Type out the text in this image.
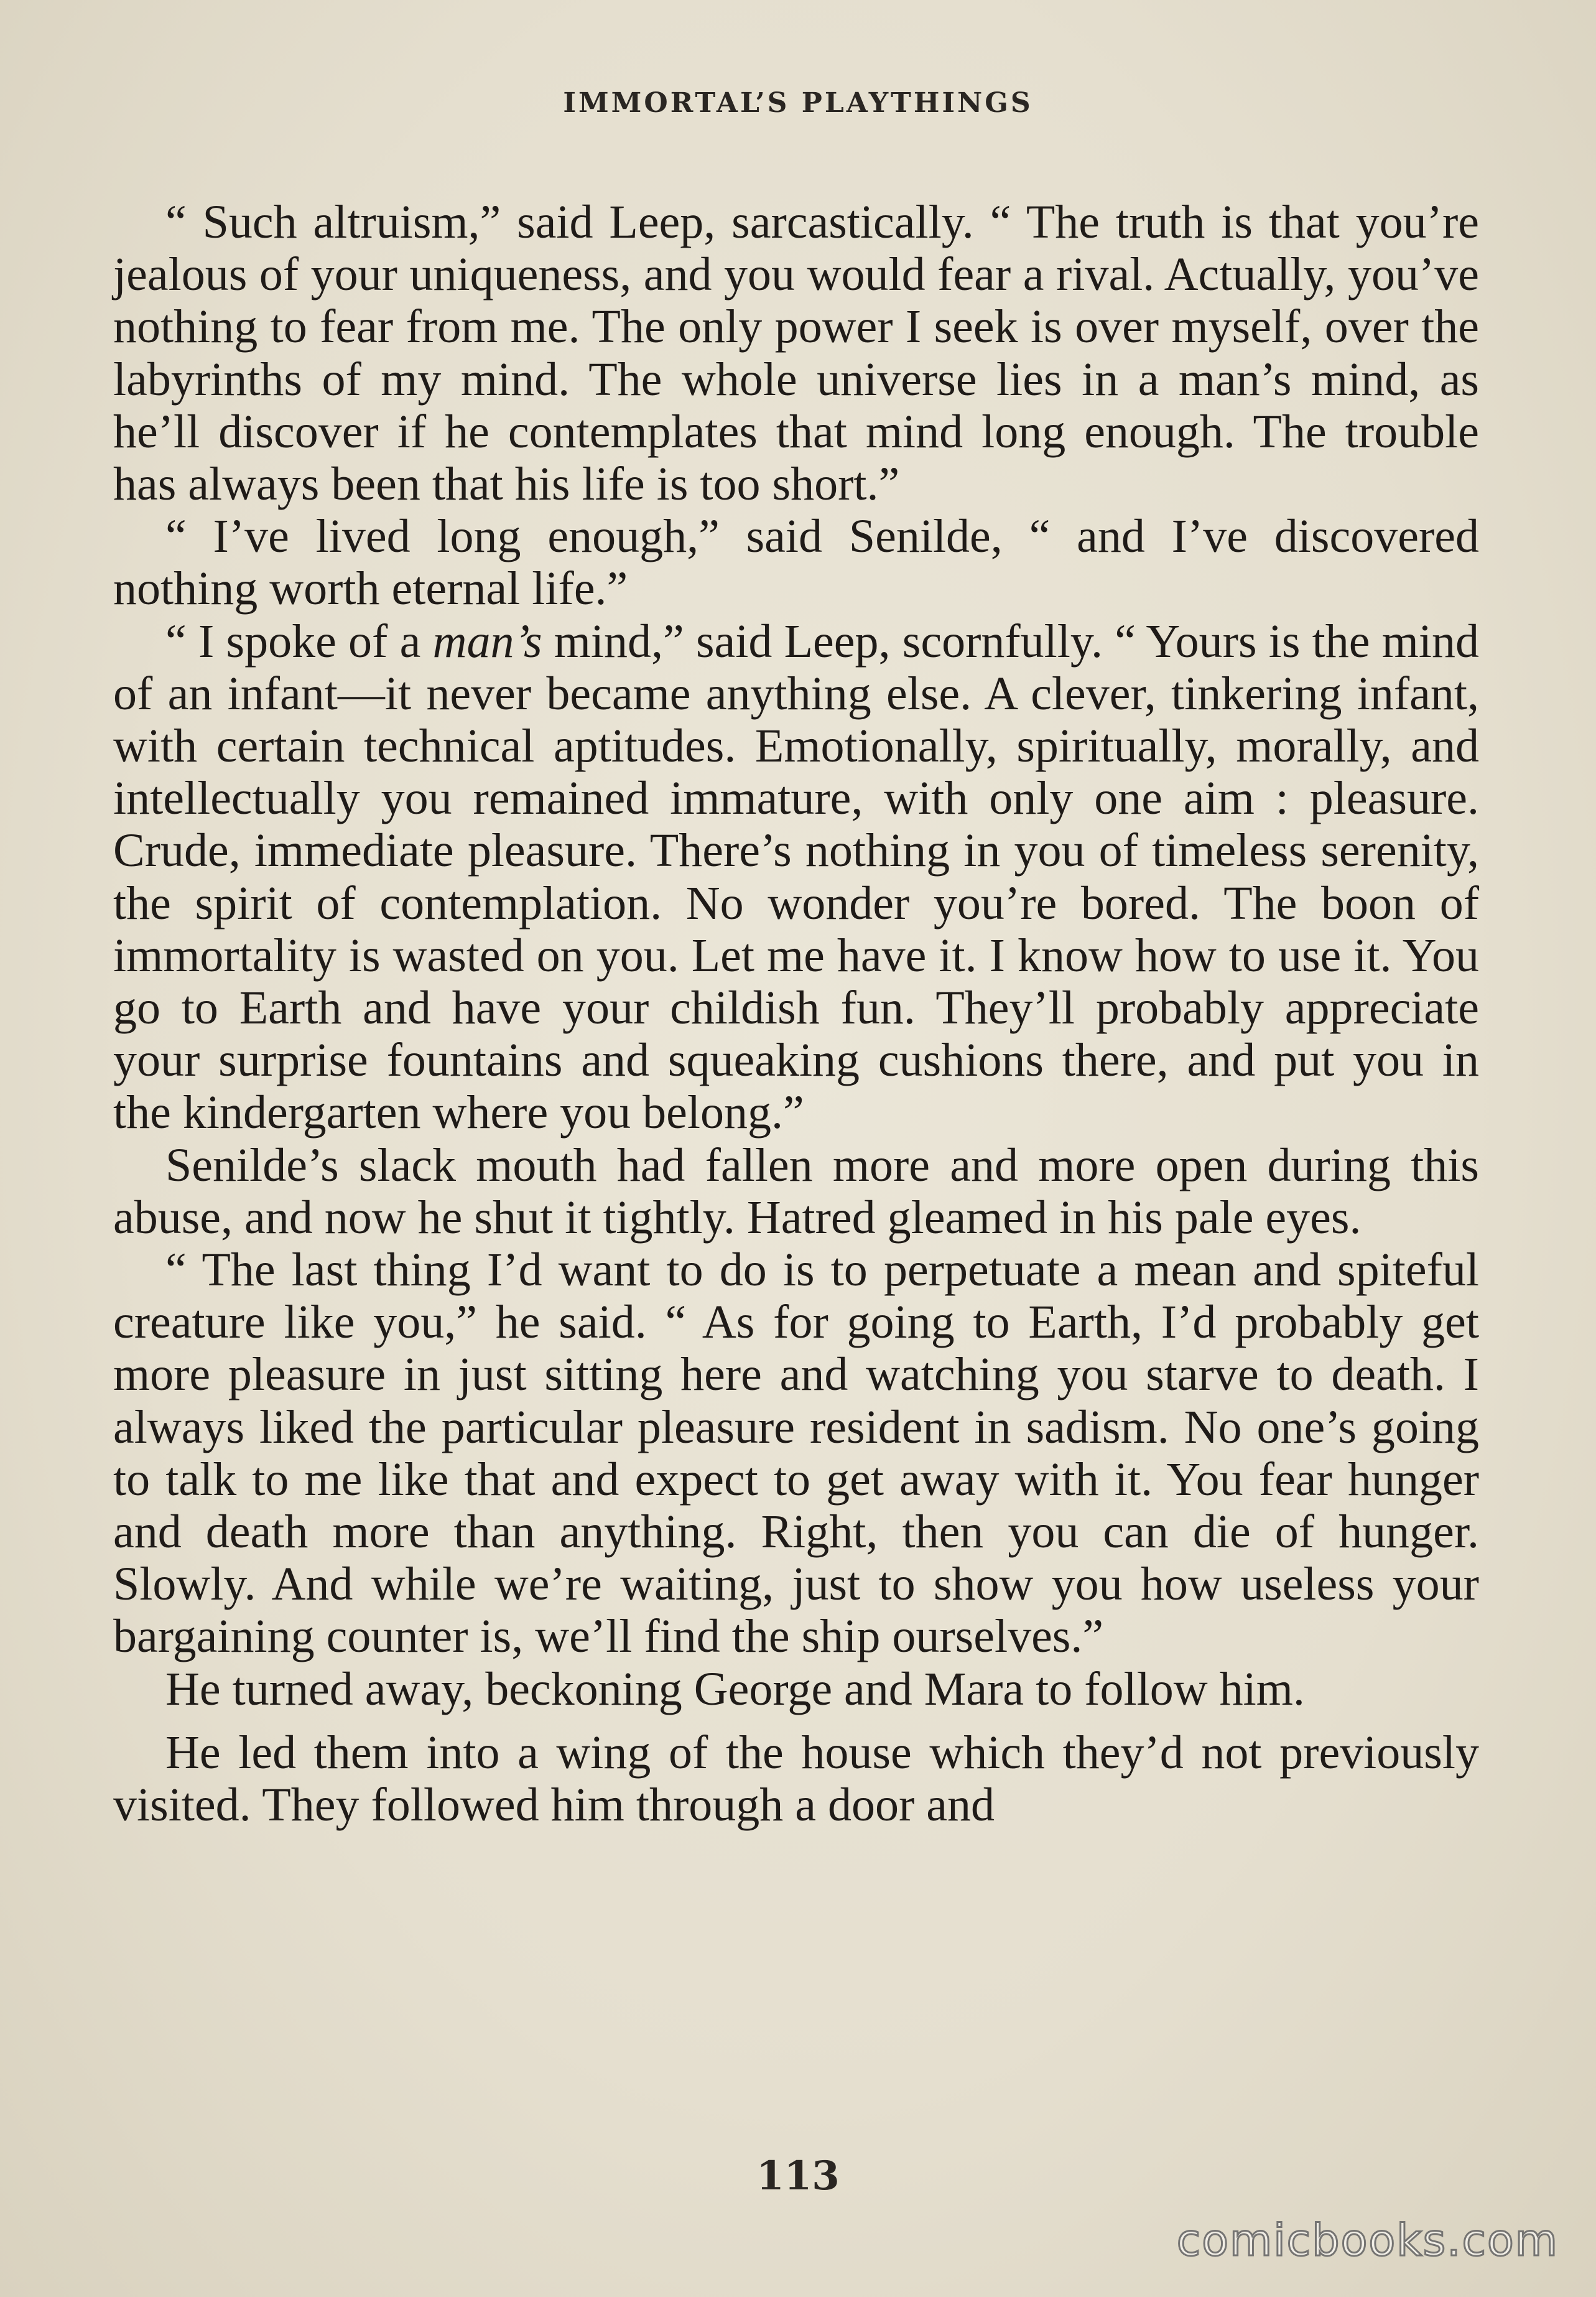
IMMORTAL’S PLAYTHINGS

“ Such altruism,” said Leep, sarcastically. “ The truth is that you’re jealous of your uniqueness, and you would fear a rival. Actually, you’ve nothing to fear from me. The only power I seek is over myself, over the labyrinths of my mind. The whole universe lies in a man’s mind, as he’ll discover if he contemplates that mind long enough. The trouble has always been that his life is too short.”

“ I’ve lived long enough,” said Senilde, “ and I’ve discovered nothing worth eternal life.”

“ I spoke of a man’s mind,” said Leep, scornfully. “ Yours is the mind of an infant—it never became anything else. A clever, tinkering infant, with certain technical aptitudes. Emotionally, spiritually, morally, and intellectually you remained immature, with only one aim : pleasure. Crude, immediate pleasure. There’s nothing in you of timeless serenity, the spirit of contemplation. No wonder you’re bored. The boon of immortality is wasted on you. Let me have it. I know how to use it. You go to Earth and have your childish fun. They’ll probably appreciate your surprise fountains and squeaking cushions there, and put you in the kindergarten where you belong.”

Senilde’s slack mouth had fallen more and more open during this abuse, and now he shut it tightly. Hatred gleamed in his pale eyes.

“ The last thing I’d want to do is to perpetuate a mean and spiteful creature like you,” he said. “ As for going to Earth, I’d probably get more pleasure in just sitting here and watching you starve to death. I always liked the particular pleasure resident in sadism. No one’s going to talk to me like that and expect to get away with it. You fear hunger and death more than anything. Right, then you can die of hunger. Slowly. And while we’re waiting, just to show you how useless your bargaining counter is, we’ll find the ship ourselves.”

He turned away, beckoning George and Mara to follow him.

He led them into a wing of the house which they’d not previously visited. They followed him through a door and

113
comicbooks.com
